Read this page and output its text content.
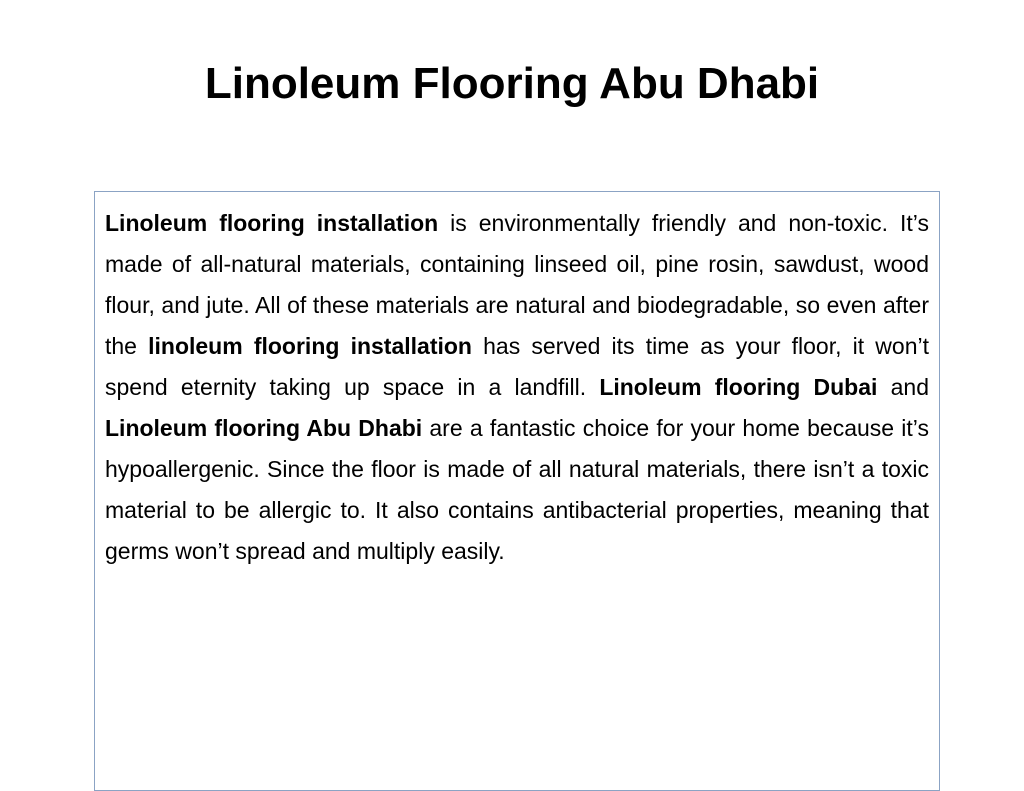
Linoleum Flooring Abu Dhabi

Linoleum flooring installation is environmentally friendly and non-toxic. It’s made of all-natural materials, containing linseed oil, pine rosin, sawdust, wood flour, and jute. All of these materials are natural and biodegradable, so even after the linoleum flooring installation has served its time as your floor, it won’t spend eternity taking up space in a landfill. Linoleum flooring Dubai and Linoleum flooring Abu Dhabi are a fantastic choice for your home because it’s hypoallergenic. Since the floor is made of all natural materials, there isn’t a toxic material to be allergic to. It also contains antibacterial properties, meaning that germs won’t spread and multiply easily.
